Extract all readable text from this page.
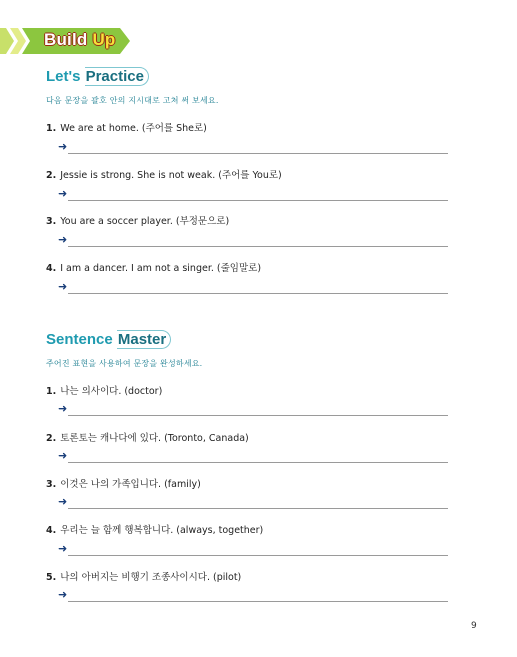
Build Up
Let's Practice
다음 문장을 괄호 안의 지시대로 고쳐 써 보세요.
1. We are at home. (주어를 She로)
➜
2. Jessie is strong. She is not weak. (주어를 You로)
➜
3. You are a soccer player. (부정문으로)
➜
4. I am a dancer. I am not a singer. (줄임말로)
➜
Sentence Master
주어진 표현을 사용하여 문장을 완성하세요.
1. 나는 의사이다. (doctor)
➜
2. 토론토는 캐나다에 있다. (Toronto, Canada)
➜
3. 이것은 나의 가족입니다. (family)
➜
4. 우리는 늘 함께 행복합니다. (always, together)
➜
5. 나의 아버지는 비행기 조종사이시다. (pilot)
➜
9
